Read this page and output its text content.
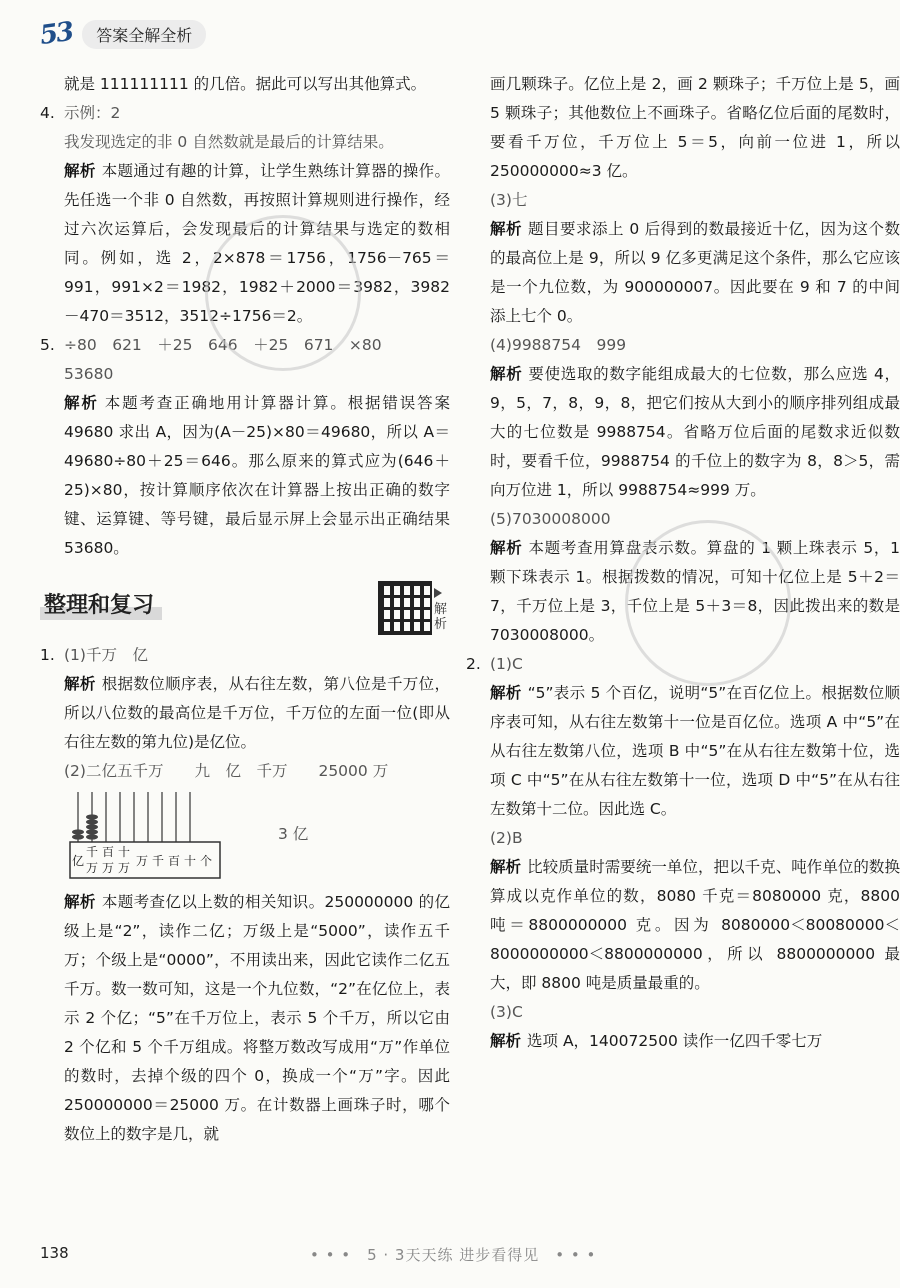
53	答案全解全析

就是 111111111 的几倍。据此可以写出其他算式。

4. 示例：2

我发现选定的非 0 自然数就是最后的计算结果。

解析 本题通过有趣的计算，让学生熟练计算器的操作。先任选一个非 0 自然数，再按照计算规则进行操作，经过六次运算后，会发现最后的计算结果与选定的数相同。例如，选 2，2×878＝1756，1756－765＝991，991×2＝1982，1982＋2000＝3982，3982－470＝3512，3512÷1756＝2。

5. ÷80　621　＋25　646　＋25　671　×80

53680

解析 本题考查正确地用计算器计算。根据错误答案 49680 求出 A，因为(A－25)×80＝49680，所以 A＝49680÷80＋25＝646。那么原来的算式应为(646＋25)×80，按计算顺序依次在计算器上按出正确的数字键、运算键、等号键，最后显示屏上会显示出正确结果 53680。

整理和复习	解析

1. (1)千万　亿

解析 根据数位顺序表，从右往左数，第八位是千万位，所以八位数的最高位是千万位，千万位的左面一位(即从右往左数的第九位)是亿位。

(2)二亿五千万　　九　亿　千万　　25000 万

亿
千
万
百
万
十
万 万 千 百 十 个
3 亿

解析 本题考查亿以上数的相关知识。250000000 的亿级上是“2”，读作二亿；万级上是“5000”，读作五千万；个级上是“0000”，不用读出来，因此它读作二亿五千万。数一数可知，这是一个九位数，“2”在亿位上，表示 2 个亿；“5”在千万位上，表示 5 个千万，所以它由 2 个亿和 5 个千万组成。将整万数改写成用“万”作单位的数时，去掉个级的四个 0，换成一个“万”字。因此 250000000＝25000 万。在计数器上画珠子时，哪个数位上的数字是几，就

画几颗珠子。亿位上是 2，画 2 颗珠子；千万位上是 5，画 5 颗珠子；其他数位上不画珠子。省略亿位后面的尾数时，要看千万位，千万位上 5＝5，向前一位进 1，所以 250000000≈3 亿。

(3)七

解析 题目要求添上 0 后得到的数最接近十亿，因为这个数的最高位上是 9，所以 9 亿多更满足这个条件，那么它应该是一个九位数，为 900000007。因此要在 9 和 7 的中间添上七个 0。

(4)9988754　999

解析 要使选取的数字能组成最大的七位数，那么应选 4，9，5，7，8，9，8，把它们按从大到小的顺序排列组成最大的七位数是 9988754。省略万位后面的尾数求近似数时，要看千位，9988754 的千位上的数字为 8，8＞5，需向万位进 1，所以 9988754≈999 万。

(5)7030008000

解析 本题考查用算盘表示数。算盘的 1 颗上珠表示 5，1 颗下珠表示 1。根据拨数的情况，可知十亿位上是 5＋2＝7，千万位上是 3，千位上是 5＋3＝8，因此拨出来的数是 7030008000。

2. (1)C

解析 “5”表示 5 个百亿，说明“5”在百亿位上。根据数位顺序表可知，从右往左数第十一位是百亿位。选项 A 中“5”在从右往左数第八位，选项 B 中“5”在从右往左数第十位，选项 C 中“5”在从右往左数第十一位，选项 D 中“5”在从右往左数第十二位。因此选 C。

(2)B

解析 比较质量时需要统一单位，把以千克、吨作单位的数换算成以克作单位的数，8080 千克＝8080000 克，8800 吨＝8800000000 克。因为 8080000＜80080000＜8000000000＜8800000000，所以 8800000000 最大，即 8800 吨是质量最重的。

(3)C

解析 选项 A，140072500 读作一亿四千零七万

138	• • •　5 · 3天天练 进步看得见　• • •
